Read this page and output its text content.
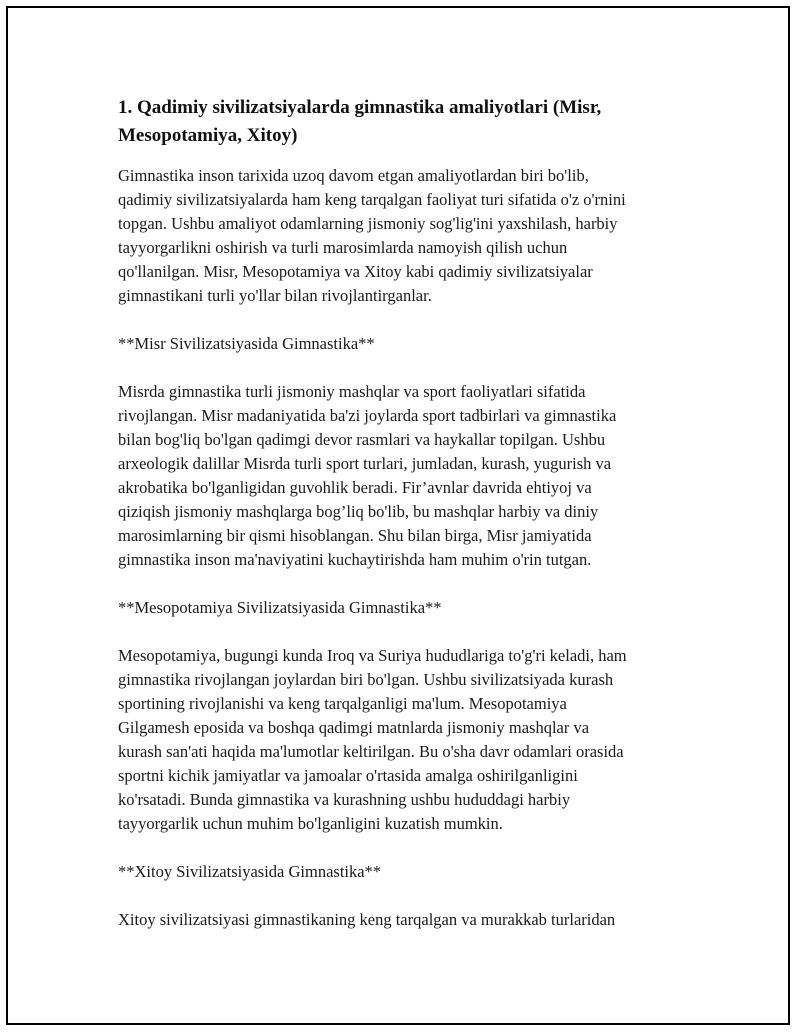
1. Qadimiy sivilizatsiyalarda gimnastika amaliyotlari (Misr,
Mesopotamiya, Xitoy)

Gimnastika inson tarixida uzoq davom etgan amaliyotlardan biri bo'lib,
qadimiy sivilizatsiyalarda ham keng tarqalgan faoliyat turi sifatida o'z o'rnini
topgan. Ushbu amaliyot odamlarning jismoniy sog'lig'ini yaxshilash, harbiy
tayyorgarlikni oshirish va turli marosimlarda namoyish qilish uchun
qo'llanilgan. Misr, Mesopotamiya va Xitoy kabi qadimiy sivilizatsiyalar
gimnastikani turli yo'llar bilan rivojlantirganlar.

**Misr Sivilizatsiyasida Gimnastika**

Misrda gimnastika turli jismoniy mashqlar va sport faoliyatlari sifatida
rivojlangan. Misr madaniyatida ba'zi joylarda sport tadbirlari va gimnastika
bilan bog'liq bo'lgan qadimgi devor rasmlari va haykallar topilgan. Ushbu
arxeologik dalillar Misrda turli sport turlari, jumladan, kurash, yugurish va
akrobatika bo'lganligidan guvohlik beradi. Fir’avnlar davrida ehtiyoj va
qiziqish jismoniy mashqlarga bog’liq bo'lib, bu mashqlar harbiy va diniy
marosimlarning bir qismi hisoblangan. Shu bilan birga, Misr jamiyatida
gimnastika inson ma'naviyatini kuchaytirishda ham muhim o'rin tutgan.

**Mesopotamiya Sivilizatsiyasida Gimnastika**

Mesopotamiya, bugungi kunda Iroq va Suriya hududlariga to'g'ri keladi, ham
gimnastika rivojlangan joylardan biri bo'lgan. Ushbu sivilizatsiyada kurash
sportining rivojlanishi va keng tarqalganligi ma'lum. Mesopotamiya
Gilgamesh eposida va boshqa qadimgi matnlarda jismoniy mashqlar va
kurash san'ati haqida ma'lumotlar keltirilgan. Bu o'sha davr odamlari orasida
sportni kichik jamiyatlar va jamoalar o'rtasida amalga oshirilganligini
ko'rsatadi. Bunda gimnastika va kurashning ushbu hududdagi harbiy
tayyorgarlik uchun muhim bo'lganligini kuzatish mumkin.

**Xitoy Sivilizatsiyasida Gimnastika**

Xitoy sivilizatsiyasi gimnastikaning keng tarqalgan va murakkab turlaridan
